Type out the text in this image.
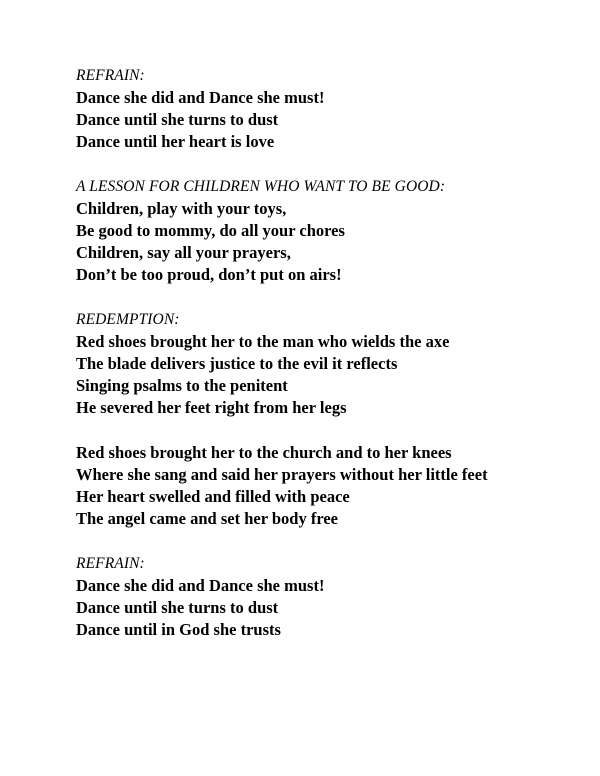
REFRAIN:
Dance she did and Dance she must!
Dance until she turns to dust
Dance until her heart is love
A LESSON FOR CHILDREN WHO WANT TO BE GOOD:
Children, play with your toys,
Be good to mommy, do all your chores
Children, say all your prayers,
Don’t be too proud, don’t put on airs!
REDEMPTION:
Red shoes brought her to the man who wields the axe
The blade delivers justice to the evil it reflects
Singing psalms to the penitent
He severed her feet right from her legs
Red shoes brought her to the church and to her knees
Where she sang and said her prayers without her little feet
Her heart swelled and filled with peace
The angel came and set her body free
REFRAIN:
Dance she did and Dance she must!
Dance until she turns to dust
Dance until in God she trusts
